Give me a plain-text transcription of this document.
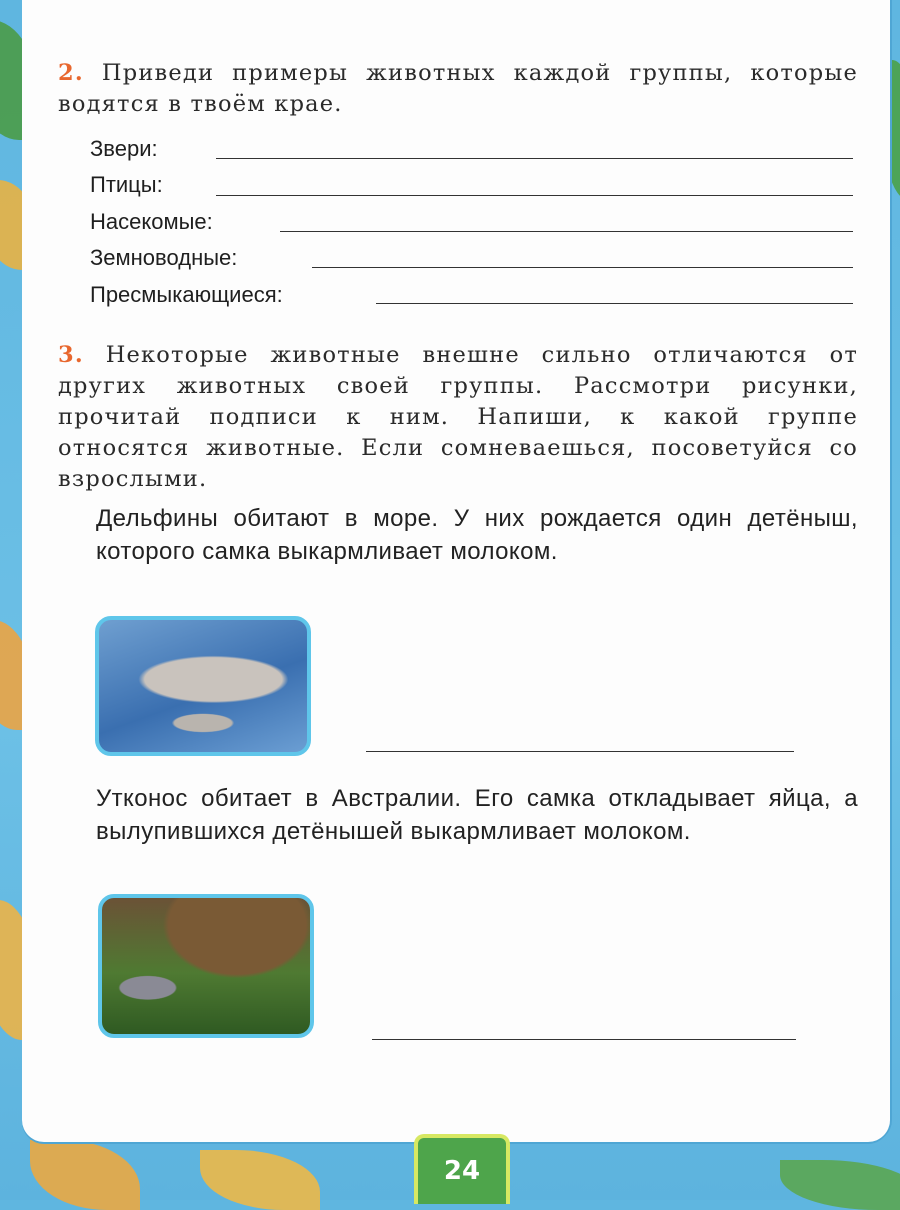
2. Приведи примеры животных каждой группы, которые водятся в твоём крае.
Звери:
Птицы:
Насекомые:
Земноводные:
Пресмыкающиеся:
3. Некоторые животные внешне сильно отличаются от других животных своей группы. Рассмотри рисунки, прочитай подписи к ним. Напиши, к какой группе относятся животные. Если сомневаешься, посоветуйся со взрослыми.
Дельфины обитают в море. У них рождается один детёныш, которого самка выкармливает молоком.
Утконос обитает в Австралии. Его самка откладывает яйца, а вылупившихся детёнышей выкармливает молоком.
24
